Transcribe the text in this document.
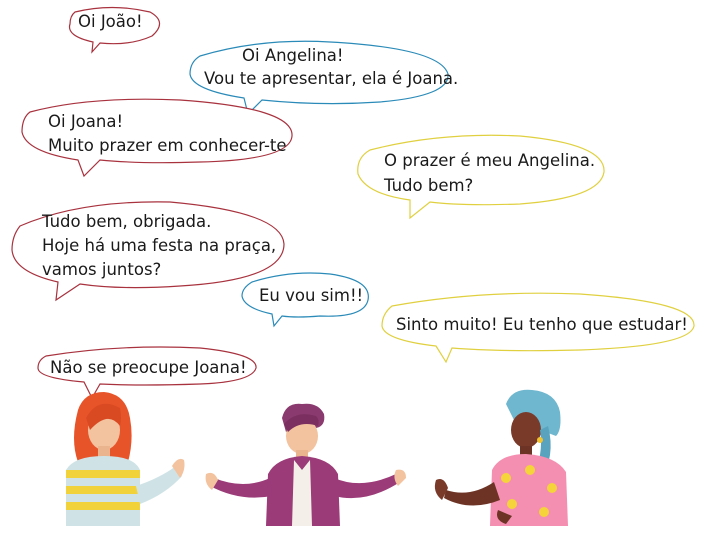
Oi João!
Oi Angelina!
Vou te apresentar, ela é Joana.
Oi Joana!
Muito prazer em conhecer-te
O prazer é meu Angelina.
Tudo bem?
Tudo bem, obrigada.
Hoje há uma festa na praça,
vamos juntos?
Eu vou sim!!
Sinto muito! Eu tenho que estudar!
Não se preocupe Joana!
